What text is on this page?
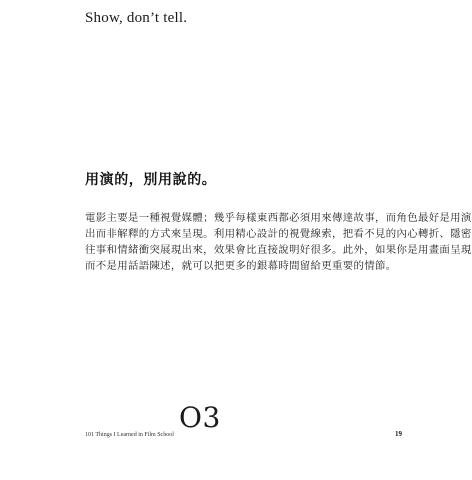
Show, don’t tell.
用演的，別用說的。
電影主要是一種視覺媒體；幾乎每樣東西都必須用來傳達故事，而角色最好是用演
出而非解釋的方式來呈現。利用精心設計的視覺線索，把看不見的內心轉折、隱密
往事和情緒衝突展現出來，效果會比直接說明好很多。此外，如果你是用畫面呈現
而不是用話語陳述，就可以把更多的銀幕時間留給更重要的情節。
101 Things I Learned in Film School
O3	19
